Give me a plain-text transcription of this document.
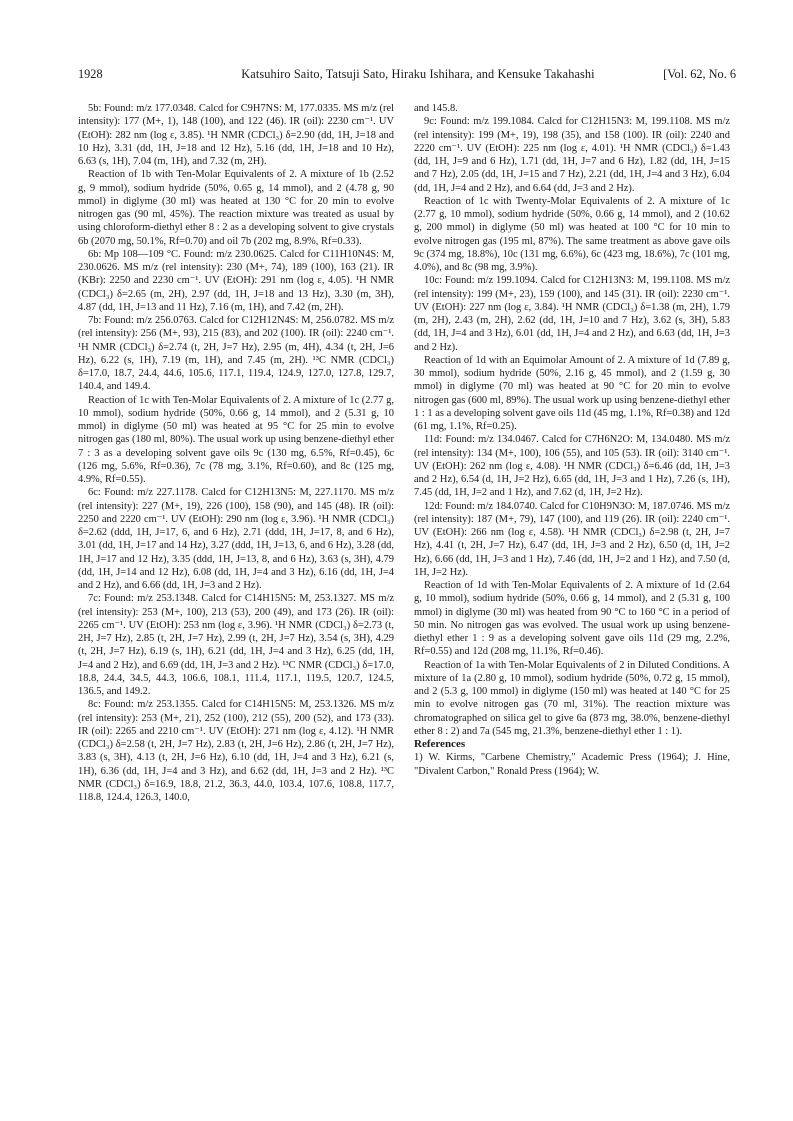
1928	Katsuhiro Saito, Tatsuji Sato, Hiraku Ishihara, and Kensuke Takahashi	[Vol. 62, No. 6

5b: Found: m/z 177.0348. Calcd for C9H7NS: M, 177.0335. MS m/z (rel intensity): 177 (M+, 1), 148 (100), and 122 (46). IR (oil): 2230 cm⁻¹. UV (EtOH): 282 nm (log ε, 3.85). ¹H NMR (CDCl₃) δ=2.90 (dd, 1H, J=18 and 10 Hz), 3.31 (dd, 1H, J=18 and 12 Hz), 5.16 (dd, 1H, J=18 and 10 Hz), 6.63 (s, 1H), 7.04 (m, 1H), and 7.32 (m, 2H).

Reaction of 1b with Ten-Molar Equivalents of 2. A mixture of 1b (2.52 g, 9 mmol), sodium hydride (50%, 0.65 g, 14 mmol), and 2 (4.78 g, 90 mmol) in diglyme (30 ml) was heated at 130 °C for 20 min to evolve nitrogen gas (90 ml, 45%). The reaction mixture was treated as usual by using chloroform-diethyl ether 8 : 2 as a developing solvent to give crystals 6b (2070 mg, 50.1%, Rf=0.70) and oil 7b (202 mg, 8.9%, Rf=0.33).

6b: Mp 108—109 °C. Found: m/z 230.0625. Calcd for C11H10N4S: M, 230.0626. MS m/z (rel intensity): 230 (M+, 74), 189 (100), 163 (21). IR (KBr): 2250 and 2230 cm⁻¹. UV (EtOH): 291 nm (log ε, 4.05). ¹H NMR (CDCl₃) δ=2.65 (m, 2H), 2.97 (dd, 1H, J=18 and 13 Hz), 3.30 (m, 3H), 4.87 (dd, 1H, J=13 and 11 Hz), 7.16 (m, 1H), and 7.42 (m, 2H).

7b: Found: m/z 256.0763. Calcd for C12H12N4S: M, 256.0782. MS m/z (rel intensity): 256 (M+, 93), 215 (83), and 202 (100). IR (oil): 2240 cm⁻¹. ¹H NMR (CDCl₃) δ=2.74 (t, 2H, J=7 Hz), 2.95 (m, 4H), 4.34 (t, 2H, J=6 Hz), 6.22 (s, 1H), 7.19 (m, 1H), and 7.45 (m, 2H). ¹³C NMR (CDCl₃) δ=17.0, 18.7, 24.4, 44.6, 105.6, 117.1, 119.4, 124.9, 127.0, 127.8, 129.7, 140.4, and 149.4.

Reaction of 1c with Ten-Molar Equivalents of 2. A mixture of 1c (2.77 g, 10 mmol), sodium hydride (50%, 0.66 g, 14 mmol), and 2 (5.31 g, 10 mmol) in diglyme (50 ml) was heated at 95 °C for 25 min to evolve nitrogen gas (180 ml, 80%). The usual work up using benzene-diethyl ether 7 : 3 as a developing solvent gave oils 9c (130 mg, 6.5%, Rf=0.45), 6c (126 mg, 5.6%, Rf=0.36), 7c (78 mg, 3.1%, Rf=0.60), and 8c (125 mg, 4.9%, Rf=0.55).

6c: Found: m/z 227.1178. Calcd for C12H13N5: M, 227.1170. MS m/z (rel intensity): 227 (M+, 19), 226 (100), 158 (90), and 145 (48). IR (oil): 2250 and 2220 cm⁻¹. UV (EtOH): 290 nm (log ε, 3.96). ¹H NMR (CDCl₃) δ=2.62 (ddd, 1H, J=17, 6, and 6 Hz), 2.71 (ddd, 1H, J=17, 8, and 6 Hz), 3.01 (dd, 1H, J=17 and 14 Hz), 3.27 (ddd, 1H, J=13, 6, and 6 Hz), 3.28 (dd, 1H, J=17 and 12 Hz), 3.35 (ddd, 1H, J=13, 8, and 6 Hz), 3.63 (s, 3H), 4.79 (dd, 1H, J=14 and 12 Hz), 6.08 (dd, 1H, J=4 and 3 Hz), 6.16 (dd, 1H, J=4 and 2 Hz), and 6.66 (dd, 1H, J=3 and 2 Hz).

7c: Found: m/z 253.1348. Calcd for C14H15N5: M, 253.1327. MS m/z (rel intensity): 253 (M+, 100), 213 (53), 200 (49), and 173 (26). IR (oil): 2265 cm⁻¹. UV (EtOH): 253 nm (log ε, 3.96). ¹H NMR (CDCl₃) δ=2.73 (t, 2H, J=7 Hz), 2.85 (t, 2H, J=7 Hz), 2.99 (t, 2H, J=7 Hz), 3.54 (s, 3H), 4.29 (t, 2H, J=7 Hz), 6.19 (s, 1H), 6.21 (dd, 1H, J=4 and 3 Hz), 6.25 (dd, 1H, J=4 and 2 Hz), and 6.69 (dd, 1H, J=3 and 2 Hz). ¹³C NMR (CDCl₃) δ=17.0, 18.8, 24.4, 34.5, 44.3, 106.6, 108.1, 111.4, 117.1, 119.5, 120.7, 124.5, 136.5, and 149.2.

8c: Found: m/z 253.1355. Calcd for C14H15N5: M, 253.1326. MS m/z (rel intensity): 253 (M+, 21), 252 (100), 212 (55), 200 (52), and 173 (33). IR (oil): 2265 and 2210 cm⁻¹. UV (EtOH): 271 nm (log ε, 4.12). ¹H NMR (CDCl₃) δ=2.58 (t, 2H, J=7 Hz), 2.83 (t, 2H, J=6 Hz), 2.86 (t, 2H, J=7 Hz), 3.83 (s, 3H), 4.13 (t, 2H, J=6 Hz), 6.10 (dd, 1H, J=4 and 3 Hz), 6.21 (s, 1H), 6.36 (dd, 1H, J=4 and 3 Hz), and 6.62 (dd, 1H, J=3 and 2 Hz). ¹³C NMR (CDCl₃) δ=16.9, 18.8, 21.2, 36.3, 44.0, 103.4, 107.6, 108.8, 117.7, 118.8, 124.4, 126.3, 140.0,

and 145.8.

9c: Found: m/z 199.1084. Calcd for C12H15N3: M, 199.1108. MS m/z (rel intensity): 199 (M+, 19), 198 (35), and 158 (100). IR (oil): 2240 and 2220 cm⁻¹. UV (EtOH): 225 nm (log ε, 4.01). ¹H NMR (CDCl₃) δ=1.43 (dd, 1H, J=9 and 6 Hz), 1.71 (dd, 1H, J=7 and 6 Hz), 1.82 (dd, 1H, J=15 and 7 Hz), 2.05 (dd, 1H, J=15 and 7 Hz), 2.21 (dd, 1H, J=4 and 3 Hz), 6.04 (dd, 1H, J=4 and 2 Hz), and 6.64 (dd, J=3 and 2 Hz).

Reaction of 1c with Twenty-Molar Equivalents of 2. A mixture of 1c (2.77 g, 10 mmol), sodium hydride (50%, 0.66 g, 14 mmol), and 2 (10.62 g, 200 mmol) in diglyme (50 ml) was heated at 100 °C for 10 min to evolve nitrogen gas (195 ml, 87%). The same treatment as above gave oils 9c (374 mg, 18.8%), 10c (131 mg, 6.6%), 6c (423 mg, 18.6%), 7c (101 mg, 4.0%), and 8c (98 mg, 3.9%).

10c: Found: m/z 199.1094. Calcd for C12H13N3: M, 199.1108. MS m/z (rel intensity): 199 (M+, 23), 159 (100), and 145 (31). IR (oil): 2230 cm⁻¹. UV (EtOH): 227 nm (log ε, 3.84). ¹H NMR (CDCl₃) δ=1.38 (m, 2H), 1.79 (m, 2H), 2.43 (m, 2H), 2.62 (dd, 1H, J=10 and 7 Hz), 3.62 (s, 3H), 5.83 (dd, 1H, J=4 and 3 Hz), 6.01 (dd, 1H, J=4 and 2 Hz), and 6.63 (dd, 1H, J=3 and 2 Hz).

Reaction of 1d with an Equimolar Amount of 2. A mixture of 1d (7.89 g, 30 mmol), sodium hydride (50%, 2.16 g, 45 mmol), and 2 (1.59 g, 30 mmol) in diglyme (70 ml) was heated at 90 °C for 20 min to evolve nitrogen gas (600 ml, 89%). The usual work up using benzene-diethyl ether 1 : 1 as a developing solvent gave oils 11d (45 mg, 1.1%, Rf=0.38) and 12d (61 mg, 1.1%, Rf=0.25).

11d: Found: m/z 134.0467. Calcd for C7H6N2O: M, 134.0480. MS m/z (rel intensity): 134 (M+, 100), 106 (55), and 105 (53). IR (oil): 3140 cm⁻¹. UV (EtOH): 262 nm (log ε, 4.08). ¹H NMR (CDCl₃) δ=6.46 (dd, 1H, J=3 and 2 Hz), 6.54 (d, 1H, J=2 Hz), 6.65 (dd, 1H, J=3 and 1 Hz), 7.26 (s, 1H), 7.45 (dd, 1H, J=2 and 1 Hz), and 7.62 (d, 1H, J=2 Hz).

12d: Found: m/z 184.0740. Calcd for C10H9N3O: M, 187.0746. MS m/z (rel intensity): 187 (M+, 79), 147 (100), and 119 (26). IR (oil): 2240 cm⁻¹. UV (EtOH): 266 nm (log ε, 4.58). ¹H NMR (CDCl₃) δ=2.98 (t, 2H, J=7 Hz), 4.41 (t, 2H, J=7 Hz), 6.47 (dd, 1H, J=3 and 2 Hz), 6.50 (d, 1H, J=2 Hz), 6.66 (dd, 1H, J=3 and 1 Hz), 7.46 (dd, 1H, J=2 and 1 Hz), and 7.50 (d, 1H, J=2 Hz).

Reaction of 1d with Ten-Molar Equivalents of 2. A mixture of 1d (2.64 g, 10 mmol), sodium hydride (50%, 0.66 g, 14 mmol), and 2 (5.31 g, 100 mmol) in diglyme (30 ml) was heated from 90 °C to 160 °C in a period of 50 min. No nitrogen gas was evolved. The usual work up using benzene-diethyl ether 1 : 9 as a developing solvent gave oils 11d (29 mg, 2.2%, Rf=0.55) and 12d (208 mg, 11.1%, Rf=0.46).

Reaction of 1a with Ten-Molar Equivalents of 2 in Diluted Conditions. A mixture of 1a (2.80 g, 10 mmol), sodium hydride (50%, 0.72 g, 15 mmol), and 2 (5.3 g, 100 mmol) in diglyme (150 ml) was heated at 140 °C for 25 min to evolve nitrogen gas (70 ml, 31%). The reaction mixture was chromatographed on silica gel to give 6a (873 mg, 38.0%, benzene-diethyl ether 8 : 2) and 7a (545 mg, 21.3%, benzene-diethyl ether 1 : 1).

References

1) W. Kirms, "Carbene Chemistry," Academic Press (1964); J. Hine, "Divalent Carbon," Ronald Press (1964); W.
